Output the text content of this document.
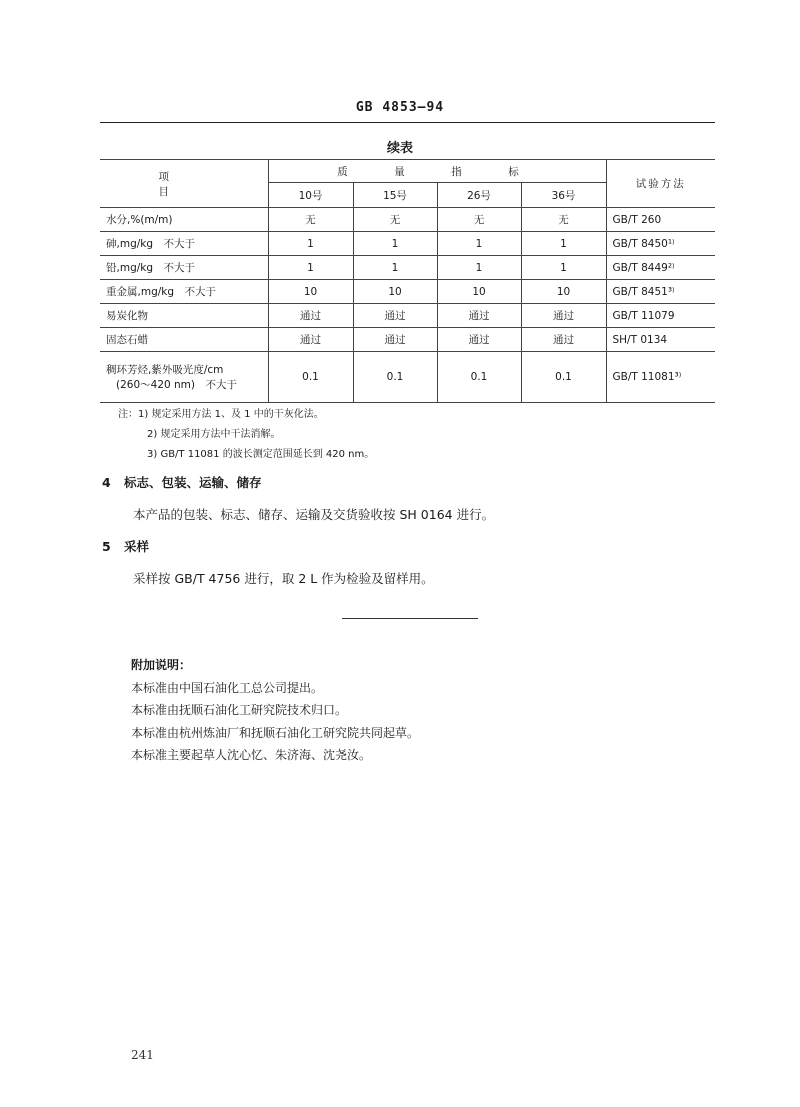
GB 4853—94
续表
项　　目	质　量　指　标				试验方法
	10号	15号	26号	36号	
水分,%(m/m)	无	无	无	无	GB/T 260
砷,mg/kg　不大于	1	1	1	1	GB/T 8450¹⁾
铅,mg/kg　不大于	1	1	1	1	GB/T 8449²⁾
重金属,mg/kg　不大于	10	10	10	10	GB/T 8451³⁾
易炭化物	通过	通过	通过	通过	GB/T 11079
固态石蜡	通过	通过	通过	通过	SH/T 0134

稠环芳烃,紫外吸光度/cm
(260～420 nm)　不大于	0.1	0.1	0.1	0.1	GB/T 11081³⁾
注：1) 规定采用方法 1、及 1 中的干灰化法。
2) 规定采用方法中干法消解。
3) GB/T 11081 的波长测定范围延长到 420 nm。
4 标志、包装、运输、储存
本产品的包装、标志、储存、运输及交货验收按 SH 0164 进行。
5 采样
采样按 GB/T 4756 进行，取 2 L 作为检验及留样用。
附加说明：
本标准由中国石油化工总公司提出。
本标准由抚顺石油化工研究院技术归口。
本标准由杭州炼油厂和抚顺石油化工研究院共同起草。
本标准主要起草人沈心忆、朱济海、沈尧汝。
241
